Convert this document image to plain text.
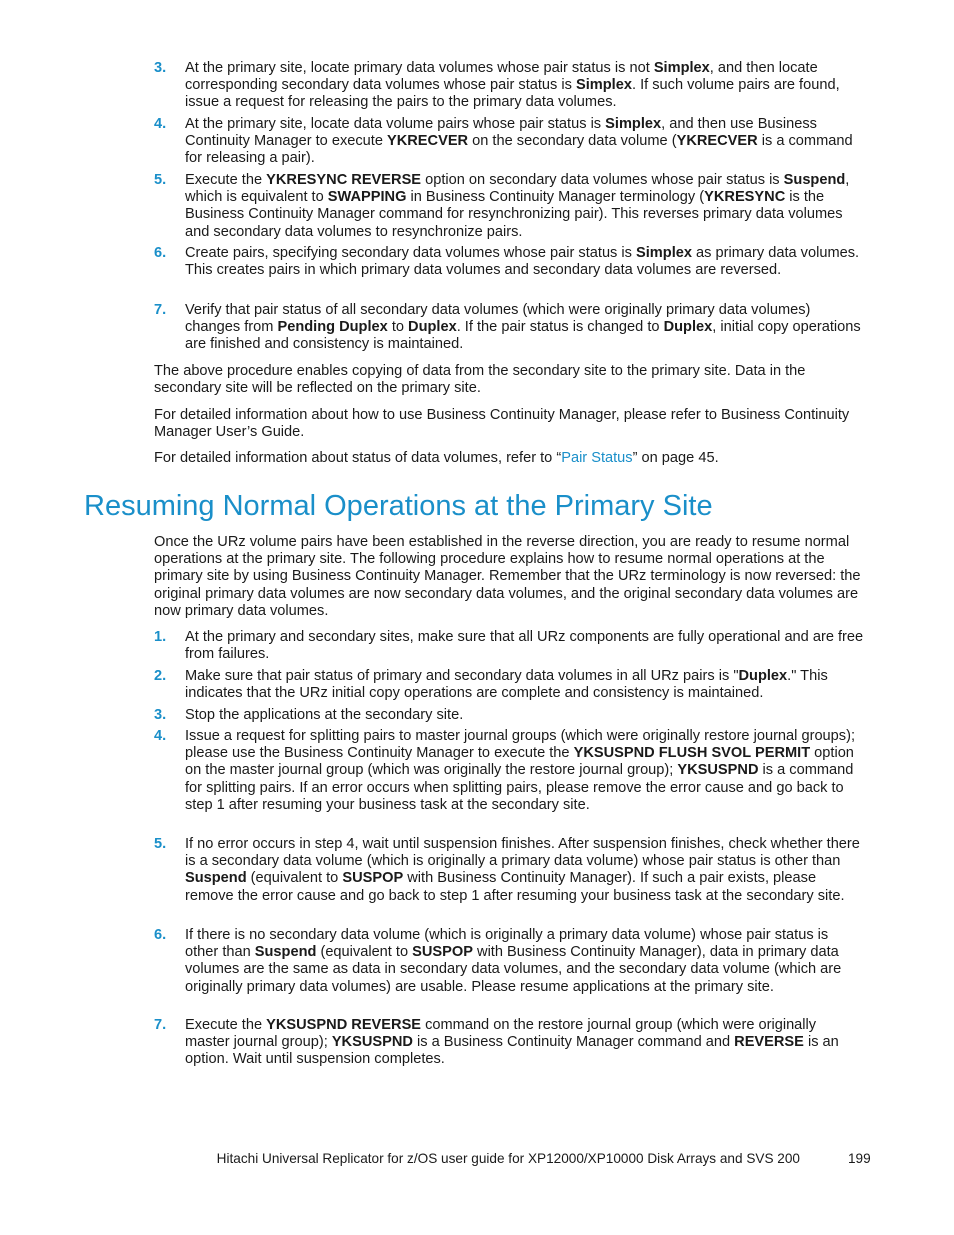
3.	At the primary site, locate primary data volumes whose pair status is not Simplex, and then locate corresponding secondary data volumes whose pair status is Simplex. If such volume pairs are found, issue a request for releasing the pairs to the primary data volumes.
4.	At the primary site, locate data volume pairs whose pair status is Simplex, and then use Business Continuity Manager to execute YKRECVER on the secondary data volume (YKRECVER is a command for releasing a pair).
5.	Execute the YKRESYNC REVERSE option on secondary data volumes whose pair status is Suspend, which is equivalent to SWAPPING in Business Continuity Manager terminology (YKRESYNC is the Business Continuity Manager command for resynchronizing pair). This reverses primary data volumes and secondary data volumes to resynchronize pairs.
6.	Create pairs, specifying secondary data volumes whose pair status is Simplex as primary data volumes. This creates pairs in which primary data volumes and secondary data volumes are reversed.
7.	Verify that pair status of all secondary data volumes (which were originally primary data volumes) changes from Pending Duplex to Duplex. If the pair status is changed to Duplex, initial copy operations are finished and consistency is maintained.
The above procedure enables copying of data from the secondary site to the primary site. Data in the secondary site will be reflected on the primary site.
For detailed information about how to use Business Continuity Manager, please refer to Business Continuity Manager User’s Guide.
For detailed information about status of data volumes, refer to “Pair Status” on page 45.
Resuming Normal Operations at the Primary Site
Once the URz volume pairs have been established in the reverse direction, you are ready to resume normal operations at the primary site. The following procedure explains how to resume normal operations at the primary site by using Business Continuity Manager. Remember that the URz terminology is now reversed: the original primary data volumes are now secondary data volumes, and the original secondary data volumes are now primary data volumes.
1.	At the primary and secondary sites, make sure that all URz components are fully operational and are free from failures.
2.	Make sure that pair status of primary and secondary data volumes in all URz pairs is "Duplex." This indicates that the URz initial copy operations are complete and consistency is maintained.
3.	Stop the applications at the secondary site.
4.	Issue a request for splitting pairs to master journal groups (which were originally restore journal groups); please use the Business Continuity Manager to execute the YKSUSPND FLUSH SVOL PERMIT option on the master journal group (which was originally the restore journal group); YKSUSPND is a command for splitting pairs. If an error occurs when splitting pairs, please remove the error cause and go back to step 1 after resuming your business task at the secondary site.
5.	If no error occurs in step 4, wait until suspension finishes. After suspension finishes, check whether there is a secondary data volume (which is originally a primary data volume) whose pair status is other than Suspend (equivalent to SUSPOP with Business Continuity Manager). If such a pair exists, please remove the error cause and go back to step 1 after resuming your business task at the secondary site.
6.	If there is no secondary data volume (which is originally a primary data volume) whose pair status is other than Suspend (equivalent to SUSPOP with Business Continuity Manager), data in primary data volumes are the same as data in secondary data volumes, and the secondary data volume (which are originally primary data volumes) are usable. Please resume applications at the primary site.
7.	Execute the YKSUSPND REVERSE command on the restore journal group (which were originally master journal group); YKSUSPND is a Business Continuity Manager command and REVERSE is an option. Wait until suspension completes.
Hitachi Universal Replicator for z/OS user guide for XP12000/XP10000 Disk Arrays and SVS 200	199
